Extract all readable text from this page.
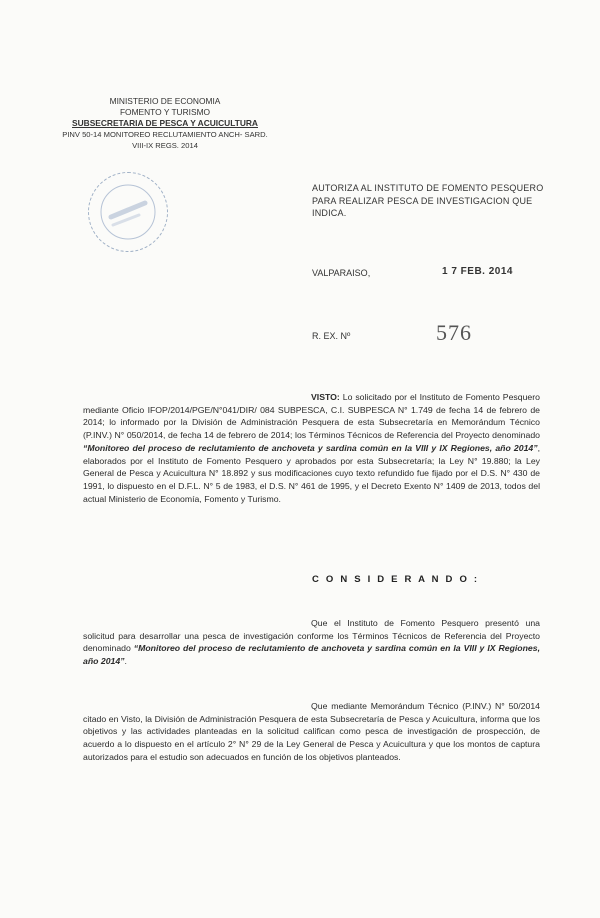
MINISTERIO DE ECONOMIA
FOMENTO Y TURISMO
SUBSECRETARIA DE PESCA Y ACUICULTURA
PINV 50-14 MONITOREO RECLUTAMIENTO ANCH- SARD.
VIII-IX REGS. 2014
AUTORIZA AL INSTITUTO DE FOMENTO PESQUERO
PARA REALIZAR PESCA DE INVESTIGACION QUE
INDICA.
VALPARAISO,	1 7 FEB. 2014
R. EX. Nº	576

VISTO: Lo solicitado por el Instituto de Fomento Pesquero mediante Oficio IFOP/2014/PGE/N°041/DIR/ 084 SUBPESCA, C.I. SUBPESCA N° 1.749 de fecha 14 de febrero de 2014; lo informado por la División de Administración Pesquera de esta Subsecretaría en Memorándum Técnico (P.INV.) N° 050/2014, de fecha 14 de febrero de 2014; los Términos Técnicos de Referencia del Proyecto denominado “Monitoreo del proceso de reclutamiento de anchoveta y sardina común en la VIII y IX Regiones, año 2014”, elaborados por el Instituto de Fomento Pesquero y aprobados por esta Subsecretaría; la Ley N° 19.880; la Ley General de Pesca y Acuicultura N° 18.892 y sus modificaciones cuyo texto refundido fue fijado por el D.S. N° 430 de 1991, lo dispuesto en el D.F.L. N° 5 de 1983, el D.S. N° 461 de 1995, y el Decreto Exento N° 1409 de 2013, todos del actual Ministerio de Economía, Fomento y Turismo.

C O N S I D E R A N D O :

Que el Instituto de Fomento Pesquero presentó una solicitud para desarrollar una pesca de investigación conforme los Términos Técnicos de Referencia del Proyecto denominado “Monitoreo del proceso de reclutamiento de anchoveta y sardina común en la VIII y IX Regiones, año 2014”.

Que mediante Memorándum Técnico (P.INV.) N° 50/2014 citado en Visto, la División de Administración Pesquera de esta Subsecretaría de Pesca y Acuicultura, informa que los objetivos y las actividades planteadas en la solicitud califican como pesca de investigación de prospección, de acuerdo a lo dispuesto en el artículo 2° N° 29 de la Ley General de Pesca y Acuicultura y que los montos de captura autorizados para el estudio son adecuados en función de los objetivos planteados.
